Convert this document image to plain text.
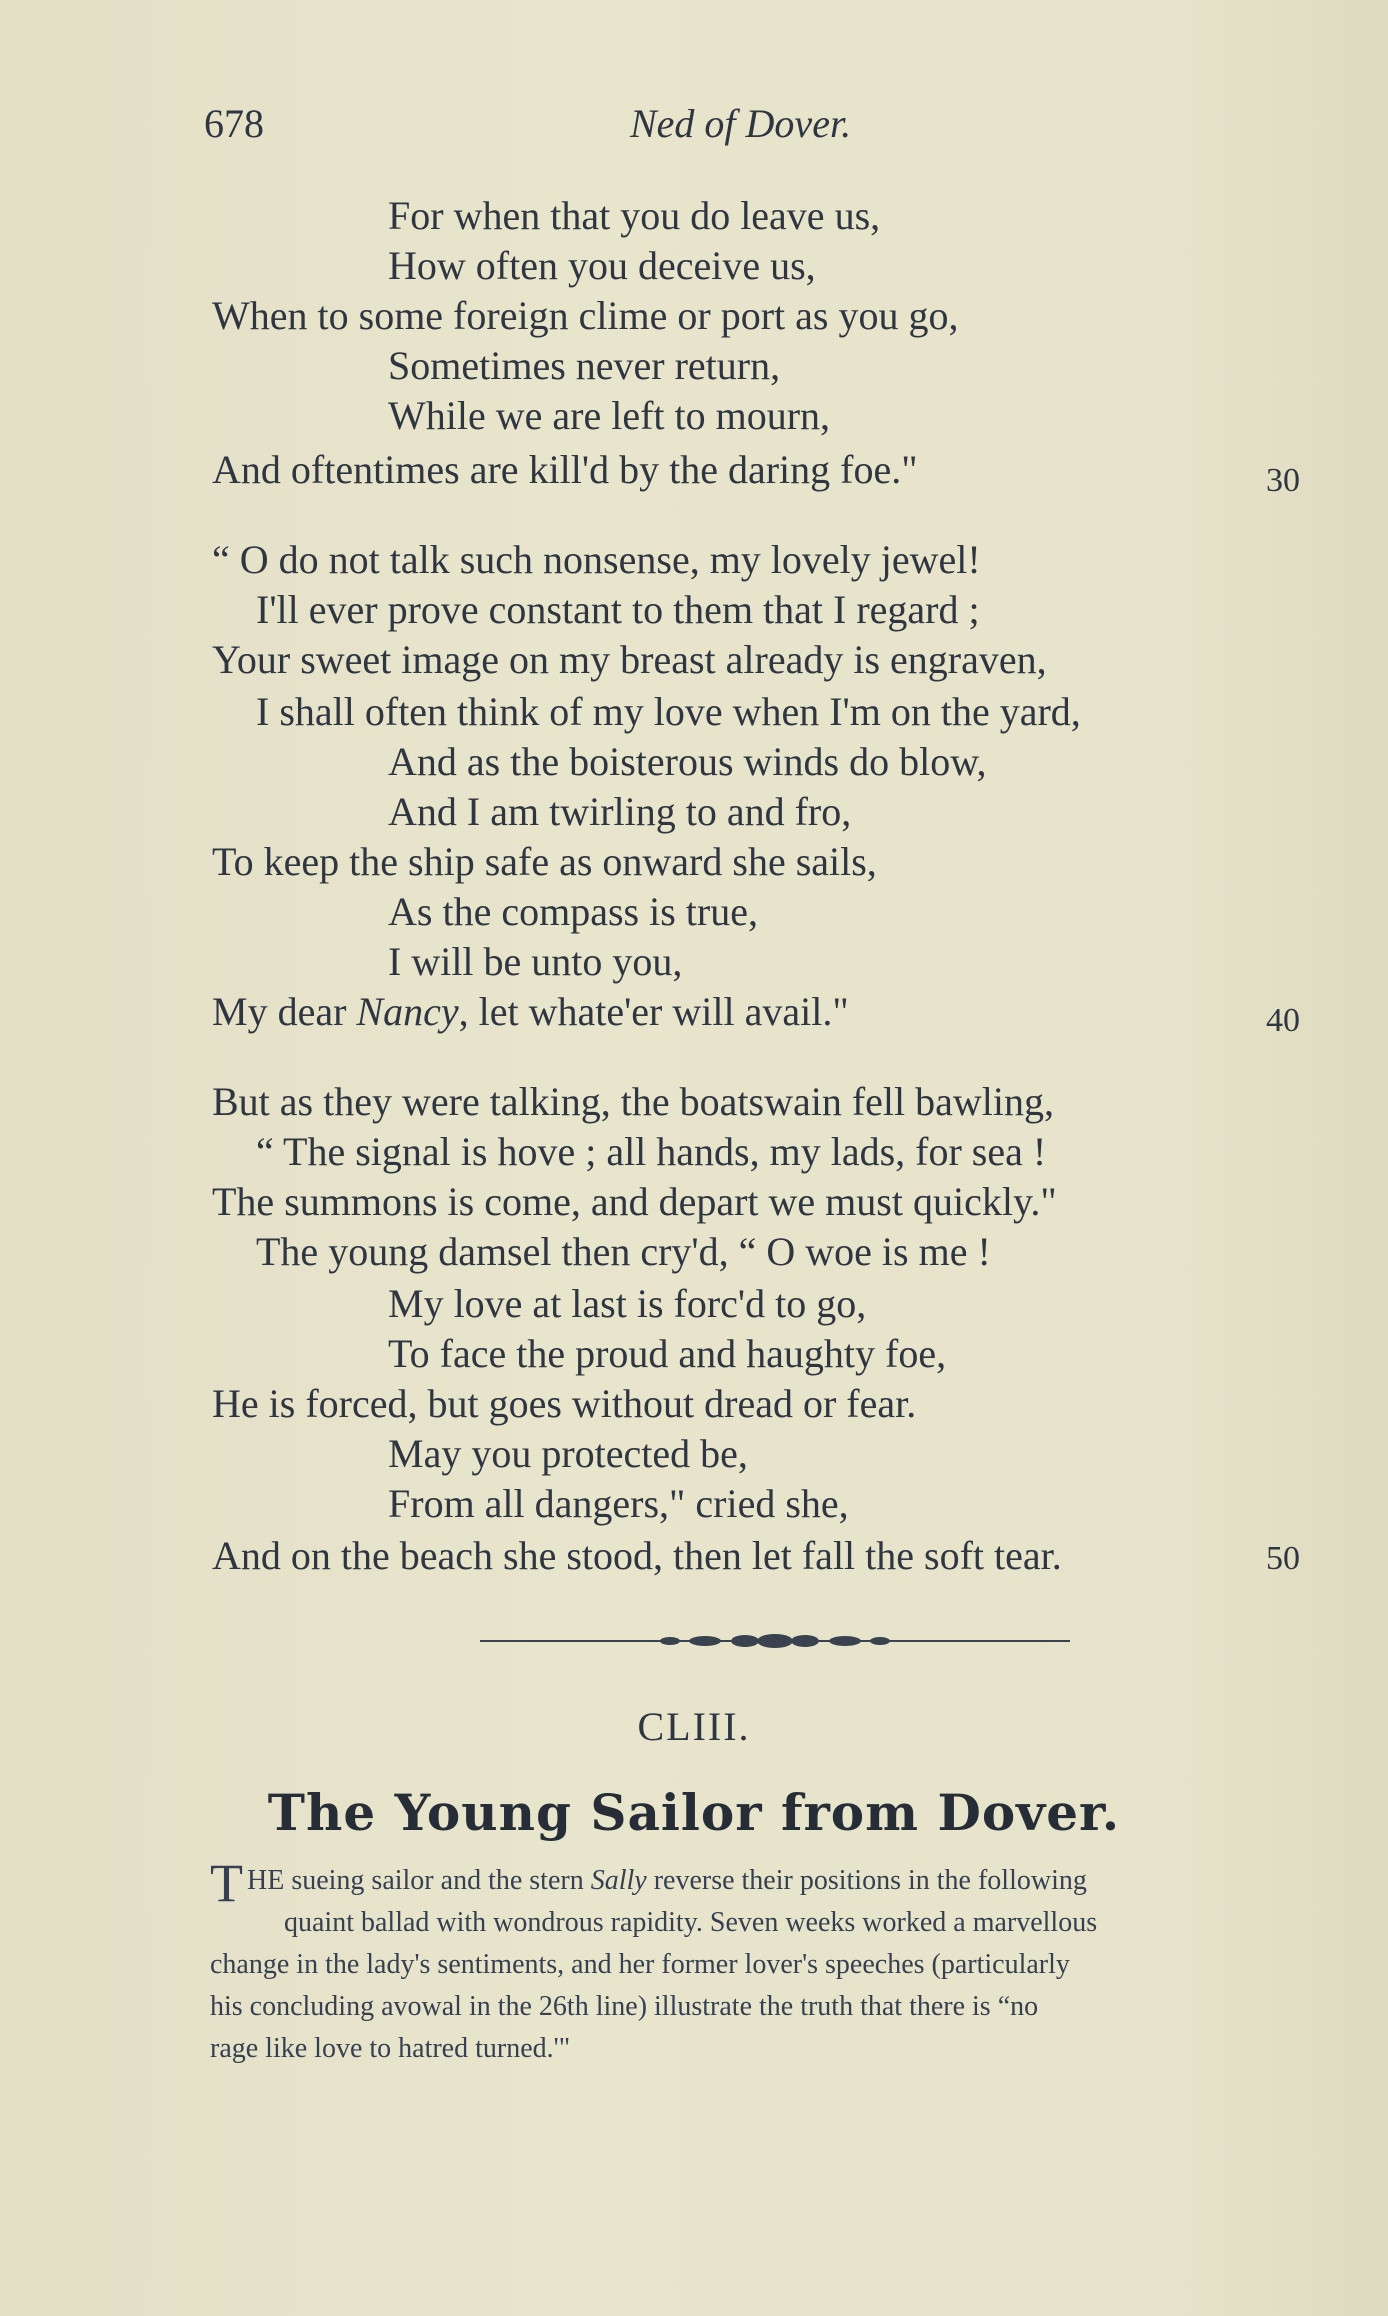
678	Ned of Dover.
For when that you do leave us,
How often you deceive us,
When to some foreign clime or port as you go,
Sometimes never return,
While we are left to mourn,
And oftentimes are kill'd by the daring foe."	30
“ O do not talk such nonsense, my lovely jewel!
I'll ever prove constant to them that I regard ;
Your sweet image on my breast already is engraven,
I shall often think of my love when I'm on the yard,
And as the boisterous winds do blow,
And I am twirling to and fro,
To keep the ship safe as onward she sails,
As the compass is true,
I will be unto you,
My dear Nancy, let whate'er will avail."	40
But as they were talking, the boatswain fell bawling,
“ The signal is hove ; all hands, my lads, for sea !
The summons is come, and depart we must quickly."
The young damsel then cry'd, “ O woe is me !
My love at last is forc'd to go,
To face the proud and haughty foe,
He is forced, but goes without dread or fear.
May you protected be,
From all dangers," cried she,
And on the beach she stood, then let fall the soft tear.	50
CLIII.
The Young Sailor from Dover.
T HE sueing sailor and the stern Sally reverse their positions in the following
quaint ballad with wondrous rapidity. Seven weeks worked a marvellous
change in the lady's sentiments, and her former lover's speeches (particularly
his concluding avowal in the 26th line) illustrate the truth that there is “no
rage like love to hatred turned.'"
